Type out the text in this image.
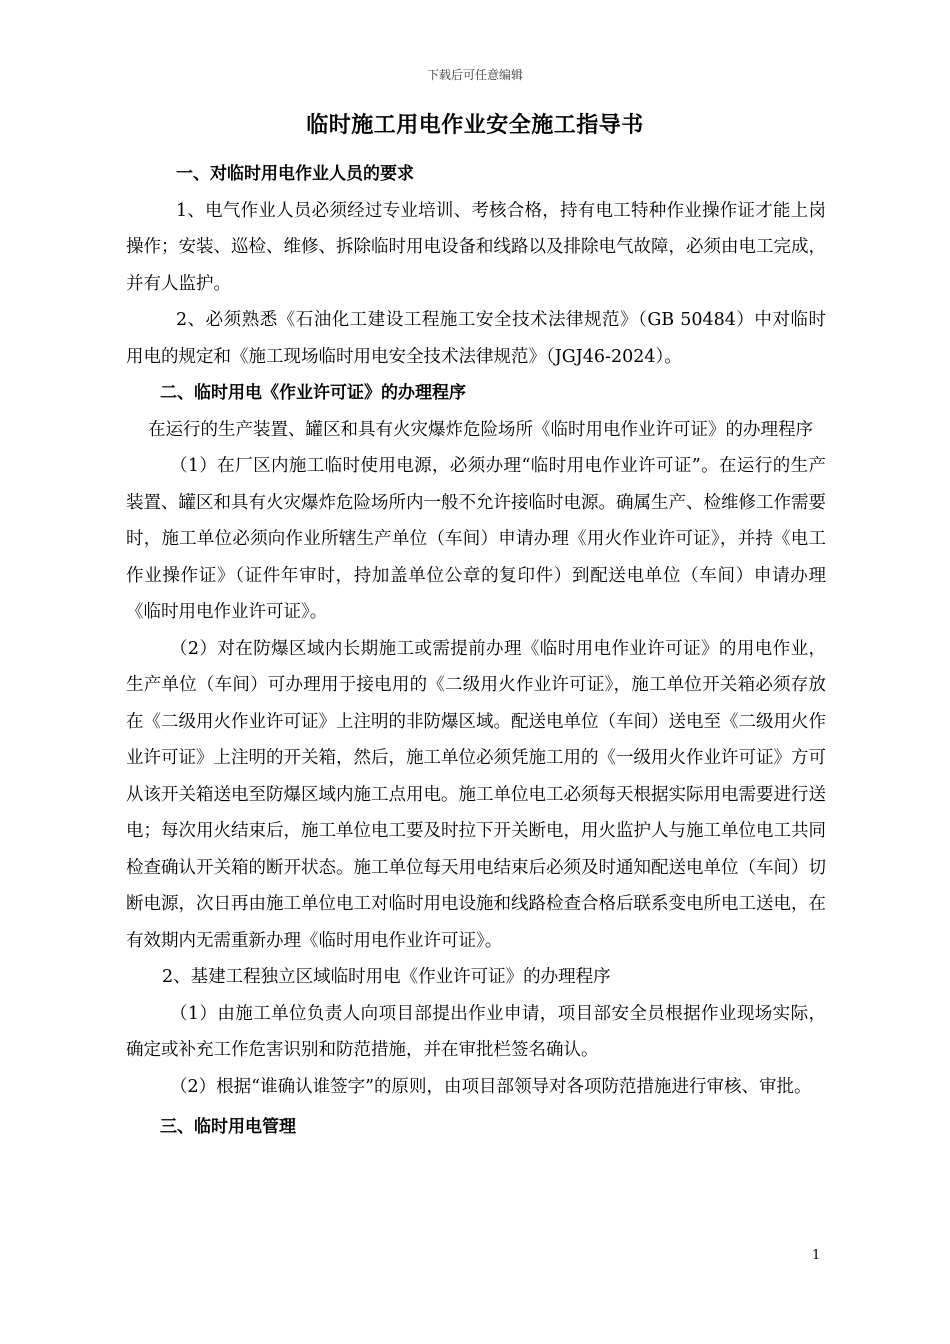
下载后可任意编辑
临时施工用电作业安全施工指导书

一、对临时用电作业人员的要求

1、电气作业人员必须经过专业培训、考核合格，持有电工特种作业操作证才能上岗操作；安装、巡检、维修、拆除临时用电设备和线路以及排除电气故障，必须由电工完成，并有人监护。

2、必须熟悉《石油化工建设工程施工安全技术法律规范》（GB 50484）中对临时用电的规定和《施工现场临时用电安全技术法律规范》（JGJ46-2024）。

二、临时用电《作业许可证》的办理程序

在运行的生产装置、罐区和具有火灾爆炸危险场所《临时用电作业许可证》的办理程序

（1）在厂区内施工临时使用电源，必须办理“临时用电作业许可证”。在运行的生产装置、罐区和具有火灾爆炸危险场所内一般不允许接临时电源。确属生产、检维修工作需要时，施工单位必须向作业所辖生产单位（车间）申请办理《用火作业许可证》，并持《电工作业操作证》（证件年审时，持加盖单位公章的复印件）到配送电单位（车间）申请办理《临时用电作业许可证》。

（2）对在防爆区域内长期施工或需提前办理《临时用电作业许可证》的用电作业，生产单位（车间）可办理用于接电用的《二级用火作业许可证》，施工单位开关箱必须存放在《二级用火作业许可证》上注明的非防爆区域。配送电单位（车间）送电至《二级用火作业许可证》上注明的开关箱，然后，施工单位必须凭施工用的《一级用火作业许可证》方可从该开关箱送电至防爆区域内施工点用电。施工单位电工必须每天根据实际用电需要进行送电；每次用火结束后，施工单位电工要及时拉下开关断电，用火监护人与施工单位电工共同检查确认开关箱的断开状态。施工单位每天用电结束后必须及时通知配送电单位（车间）切断电源，次日再由施工单位电工对临时用电设施和线路检查合格后联系变电所电工送电，在有效期内无需重新办理《临时用电作业许可证》。

2、基建工程独立区域临时用电《作业许可证》的办理程序

（1）由施工单位负责人向项目部提出作业申请，项目部安全员根据作业现场实际，确定或补充工作危害识别和防范措施，并在审批栏签名确认。

（2）根据“谁确认谁签字”的原则，由项目部领导对各项防范措施进行审核、审批。

三、临时用电管理

1
